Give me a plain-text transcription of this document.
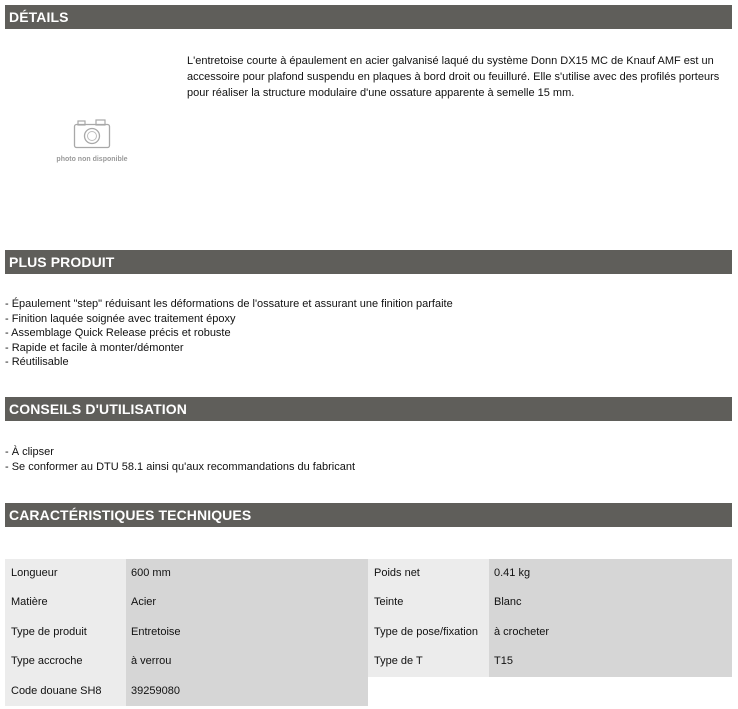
DÉTAILS
photo non disponible
L'entretoise courte à épaulement en acier galvanisé laqué du système Donn DX15 MC de Knauf AMF est un
accessoire pour plafond suspendu en plaques à bord droit ou feuilluré. Elle s'utilise avec des profilés porteurs
pour réaliser la structure modulaire d'une ossature apparente à semelle 15 mm.
PLUS PRODUIT
- Épaulement "step" réduisant les déformations de l'ossature et assurant une finition parfaite
- Finition laquée soignée avec traitement époxy
- Assemblage Quick Release précis et robuste
- Rapide et facile à monter/démonter
- Réutilisable
CONSEILS D'UTILISATION
- À clipser
- Se conformer au DTU 58.1 ainsi qu'aux recommandations du fabricant
CARACTÉRISTIQUES TECHNIQUES
Longueur	600 mm
Matière	Acier
Type de produit	Entretoise
Type accroche	à verrou
Code douane SH8	39259080
Poids net	0.41 kg
Teinte	Blanc
Type de pose/fixation	à crocheter
Type de T	T15
